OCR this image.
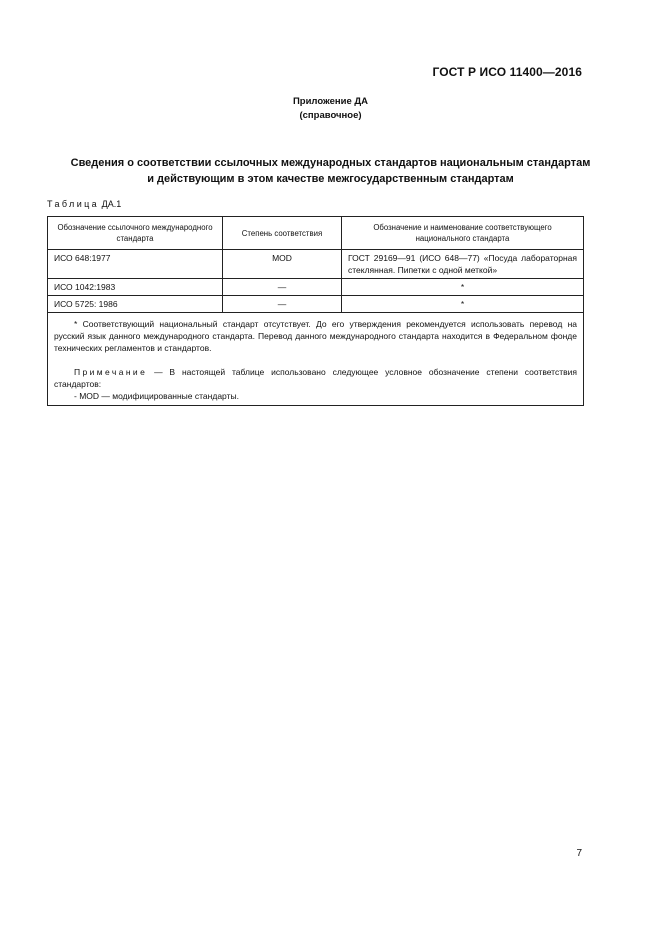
ГОСТ Р ИСО 11400—2016
Приложение ДА
(справочное)
Сведения о соответствии ссылочных международных стандартов национальным стандартам
и действующим в этом качестве межгосударственным стандартам
Таблица ДА.1
Обозначение ссылочного международного стандарта	Степень соответствия	Обозначение и наименование соответствующего национального стандарта
ИСО 648:1977	MOD	ГОСТ 29169—91 (ИСО 648—77) «Посуда лабораторная стеклянная. Пипетки с одной меткой»
ИСО 1042:1983	—	*
ИСО 5725: 1986	—	*

* Соответствующий национальный стандарт отсутствует. До его утверждения рекомендуется использовать перевод на русский язык данного международного стандарта. Перевод данного международного стандарта находится в Федеральном фонде технических регламентов и стандартов.

Примечание — В настоящей таблице использовано следующее условное обозначение степени соответствия стандартов:

- MOD — модифицированные стандарты.		

7
